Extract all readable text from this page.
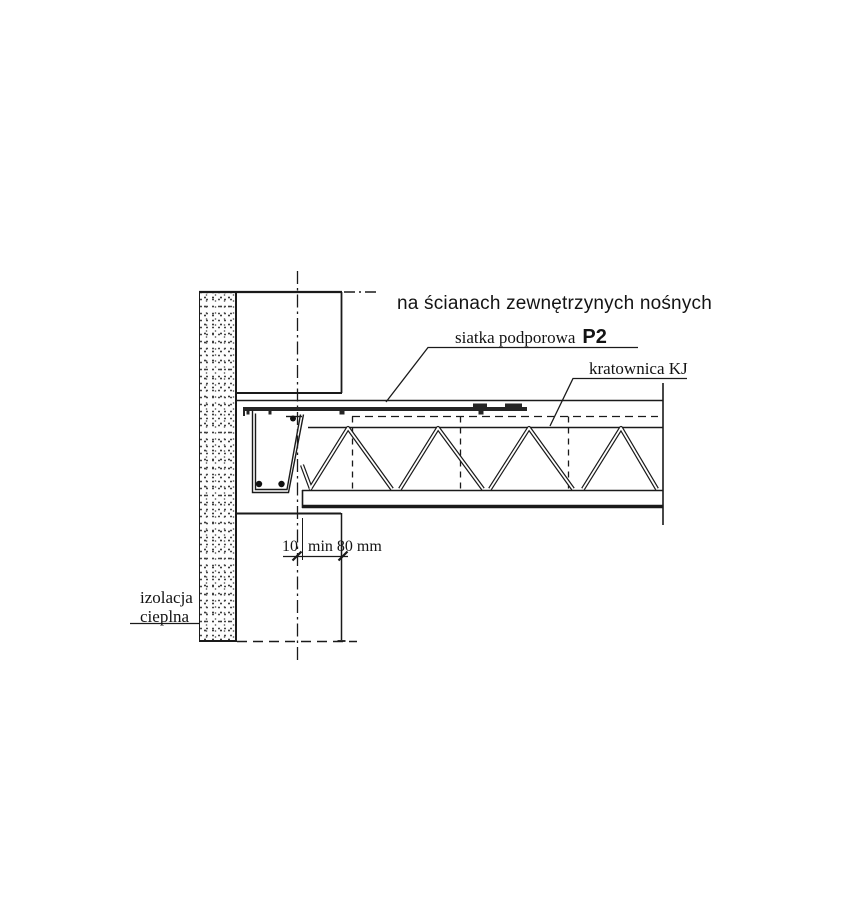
na ścianach zewnętrzynych nośnych
siatka podporowa P2
kratownica KJ
izolacja
cieplna
10 min 80 mm
